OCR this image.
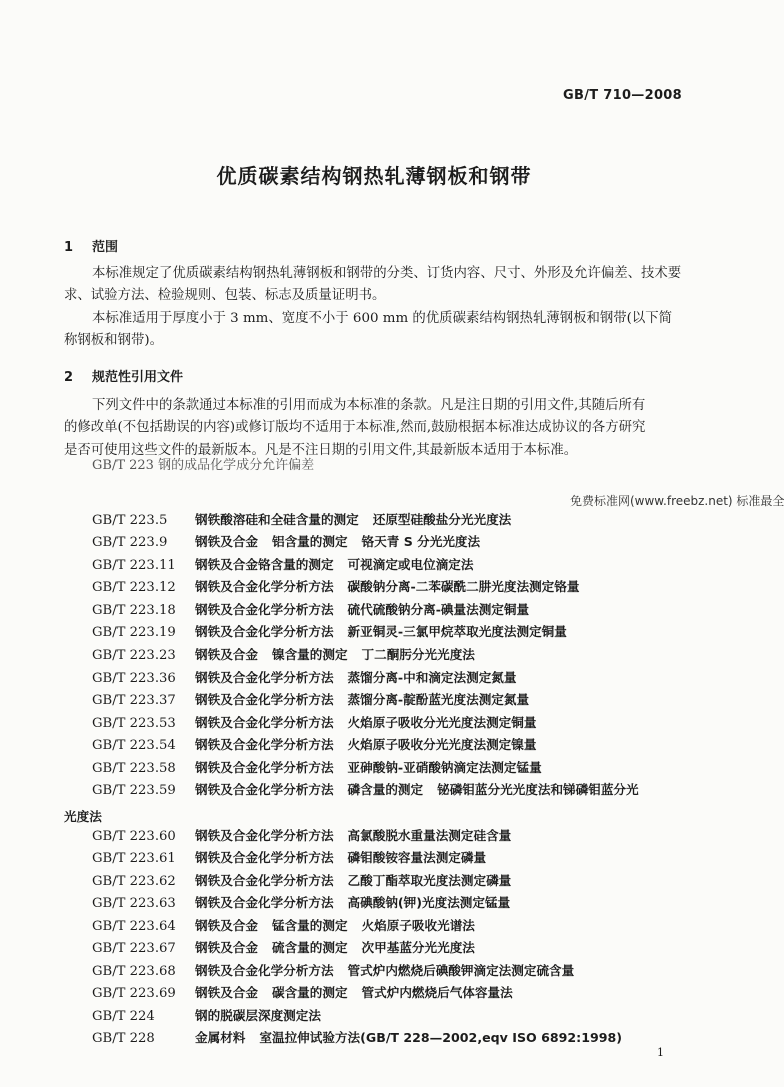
GB/T 710—2008
优质碳素结构钢热轧薄钢板和钢带
1 范围
本标准规定了优质碳素结构钢热轧薄钢板和钢带的分类、订货内容、尺寸、外形及允许偏差、技术要
求、试验方法、检验规则、包装、标志及质量证明书。
本标准适用于厚度小于 3 mm、宽度不小于 600 mm 的优质碳素结构钢热轧薄钢板和钢带(以下简
称钢板和钢带)。
2 规范性引用文件
下列文件中的条款通过本标准的引用而成为本标准的条款。凡是注日期的引用文件,其随后所有
的修改单(不包括勘误的内容)或修订版均不适用于本标准,然而,鼓励根据本标准达成协议的各方研究
是否可使用这些文件的最新版本。凡是不注日期的引用文件,其最新版本适用于本标准。
GB/T 223 钢的成品化学成分允许偏差
免费标准网(www.freebz.net) 标准最全
GB/T 223.5 钢铁酸溶硅和全硅含量的测定 还原型硅酸盐分光光度法
GB/T 223.9 钢铁及合金 铝含量的测定 铬天青 S 分光光度法
GB/T 223.11 钢铁及合金铬含量的测定 可视滴定或电位滴定法
GB/T 223.12 钢铁及合金化学分析方法 碳酸钠分离-二苯碳酰二肼光度法测定铬量
GB/T 223.18 钢铁及合金化学分析方法 硫代硫酸钠分离-碘量法测定铜量
GB/T 223.19 钢铁及合金化学分析方法 新亚铜灵-三氯甲烷萃取光度法测定铜量
GB/T 223.23 钢铁及合金 镍含量的测定 丁二酮肟分光光度法
GB/T 223.36 钢铁及合金化学分析方法 蒸馏分离-中和滴定法测定氮量
GB/T 223.37 钢铁及合金化学分析方法 蒸馏分离-靛酚蓝光度法测定氮量
GB/T 223.53 钢铁及合金化学分析方法 火焰原子吸收分光光度法测定铜量
GB/T 223.54 钢铁及合金化学分析方法 火焰原子吸收分光光度法测定镍量
GB/T 223.58 钢铁及合金化学分析方法 亚砷酸钠-亚硝酸钠滴定法测定锰量
GB/T 223.59 钢铁及合金化学分析方法 磷含量的测定 铋磷钼蓝分光光度法和锑磷钼蓝分光
GB/T 223.60 钢铁及合金化学分析方法 高氯酸脱水重量法测定硅含量
GB/T 223.61 钢铁及合金化学分析方法 磷钼酸铵容量法测定磷量
GB/T 223.62 钢铁及合金化学分析方法 乙酸丁酯萃取光度法测定磷量
GB/T 223.63 钢铁及合金化学分析方法 高碘酸钠(钾)光度法测定锰量
GB/T 223.64 钢铁及合金 锰含量的测定 火焰原子吸收光谱法
GB/T 223.67 钢铁及合金 硫含量的测定 次甲基蓝分光光度法
GB/T 223.68 钢铁及合金化学分析方法 管式炉内燃烧后碘酸钾滴定法测定硫含量
GB/T 223.69 钢铁及合金 碳含量的测定 管式炉内燃烧后气体容量法
GB/T 224	钢的脱碳层深度测定法
GB/T 228	金属材料 室温拉伸试验方法(GB/T 228—2002,eqv ISO 6892:1998)
光度法
1
